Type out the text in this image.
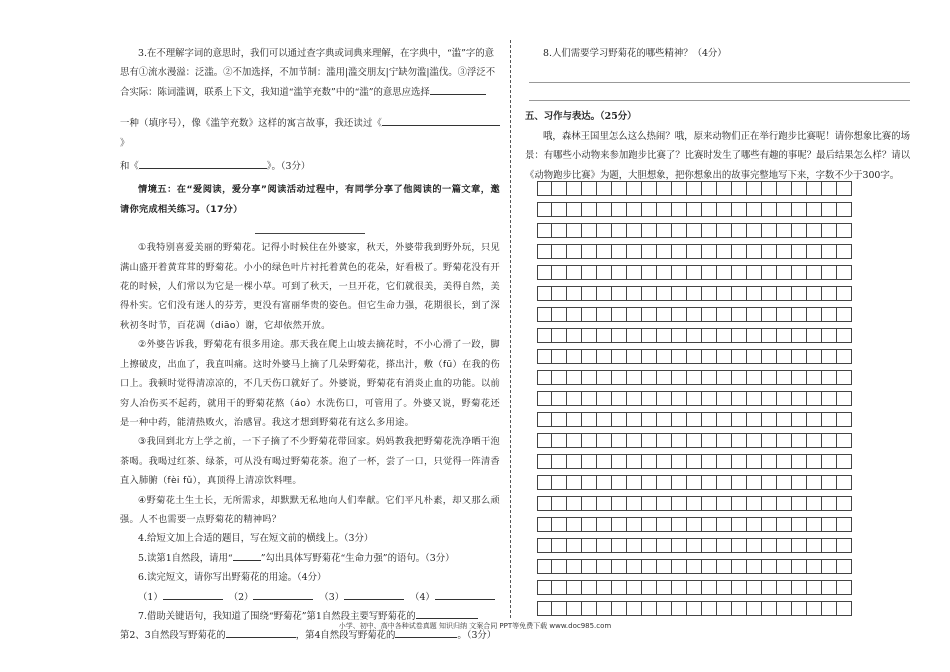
3.在不理解字词的意思时，我们可以通过查字典或词典来理解，在字典中，“滥”字的意

思有①流水漫溢：泛滥。②不加选择，不加节制：滥用|滥交朋友|宁缺勿滥|滥伐。③浮泛不

合实际：陈词滥调，联系上下文，我知道“滥竽充数”中的“滥”的意思应选择

一种（填序号），像《滥竽充数》这样的寓言故事，我还读过《》

和《	》。（3分）

情境五：在“爱阅读，爱分享”阅读活动过程中，有同学分享了他阅读的一篇文章，邀请你完成相关练习。（17分）

①我特别喜爱美丽的野菊花。记得小时候住在外婆家，秋天，外婆带我到野外玩，只见满山盛开着黄茸茸的野菊花。小小的绿色叶片衬托着黄色的花朵，好看极了。野菊花没有开花的时候，人们常以为它是一棵小草。可到了秋天，一旦开花，它们就很美，美得自然，美得朴实。它们没有迷人的芬芳，更没有富丽华贵的姿色。但它生命力强，花期很长，到了深秋初冬时节，百花凋（diāo）谢，它却依然开放。

②外婆告诉我，野菊花有很多用途。那天我在爬上山坡去摘花时，不小心滑了一跤，脚上擦破皮，出血了，我直叫痛。这时外婆马上摘了几朵野菊花，搽出汁，敷（fū）在我的伤口上。我顿时觉得清凉凉的，不几天伤口就好了。外婆说，野菊花有消炎止血的功能。以前穷人冶伤买不起药，就用干的野菊花熬（áo）水洗伤口，可管用了。外婆又说，野菊花还是一种中药，能清热败火，治感冒。我这才想到野菊花有这么多用途。

③我回到北方上学之前，一下子摘了不少野菊花带回家。妈妈教我把野菊花洗净晒干泡茶喝。我喝过红茶、绿茶，可从没有喝过野菊花茶。泡了一杯，尝了一口，只觉得一阵清香直入肺腑（fèi fǔ），真顶得上清凉饮料哩。

④野菊花土生土长，无所需求，却默默无私地向人们奉献。它们平凡朴素，却又那么顽强。人不也需要一点野菊花的精神吗？

4.给短文加上合适的题目，写在短文前的横线上。（3分）

5.读第1自然段，请用“	”勾出具体写野菊花“生命力强”的语句。（3分）

6.读完短文，请你写出野菊花的用途。（4分）

（1）	（2）	（3）	（4）

7.借助关键语句，我知道了围绕“野菊花”第1自然段主要写野菊花的

第2、3自然段写野菊花的	，第4自然段写野菊花的	。（3分）

8.人们需要学习野菊花的哪些精神？（4分）

五、习作与表达。（25分）

哦，森林王国里怎么这么热闹？哦，原来动物们正在举行跑步比赛呢！请你想象比赛的场景：有哪些小动物来参加跑步比赛了？比赛时发生了哪些有趣的事呢？最后结果怎么样？请以《动物跑步比赛》为题，大胆想象，把你想象出的故事完整地写下来，字数不少于300字。

小学、初中、高中各种试卷真题 知识归纳 文案合同 PPT等免费下载 www.doc985.com
